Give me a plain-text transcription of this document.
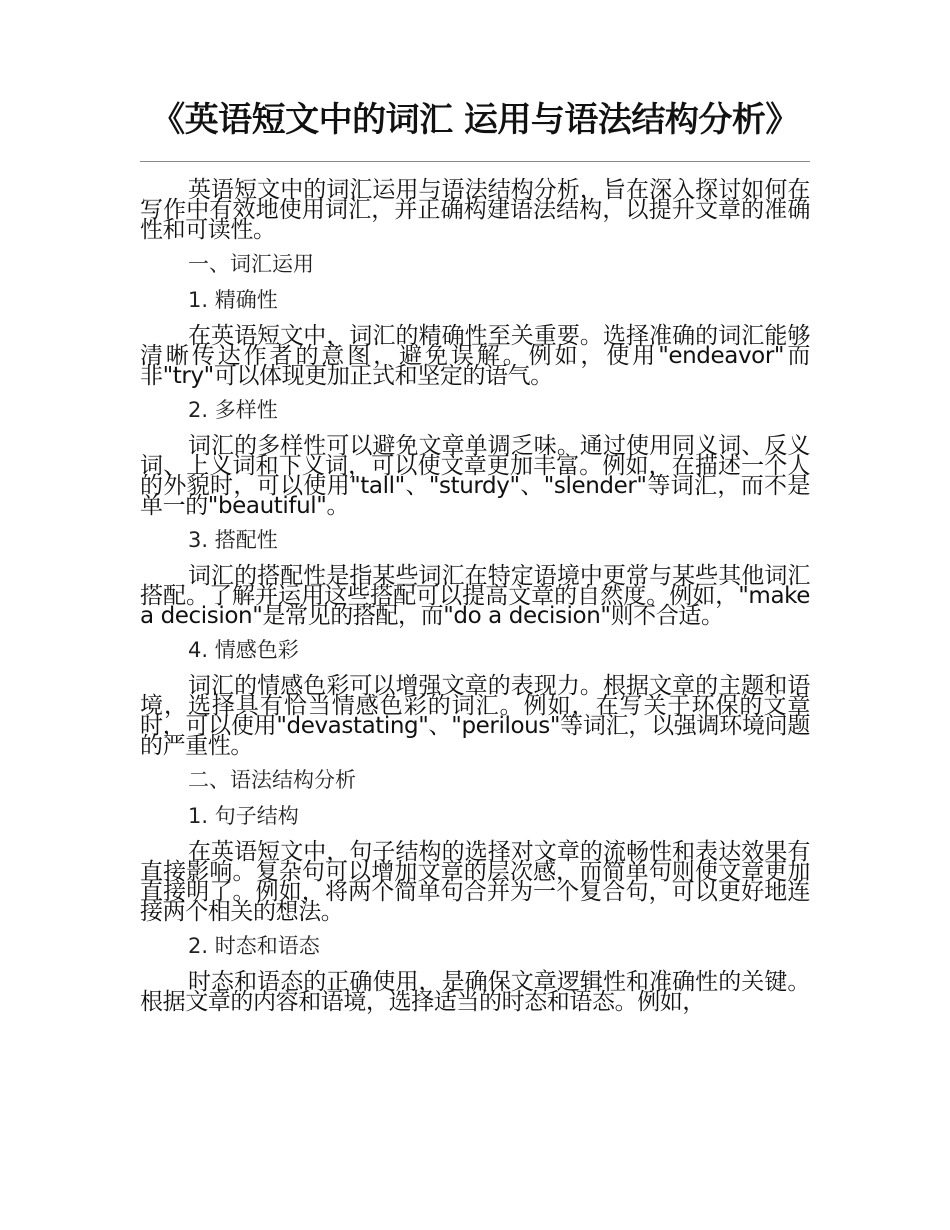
《英语短文中的词汇 运用与语法结构分析》

英语短文中的词汇运用与语法结构分析，旨在深入探讨如何在写作中有效地使用词汇，并正确构建语法结构，以提升文章的准确性和可读性。

一、词汇运用

1. 精确性

在英语短文中，词汇的精确性至关重要。选择准确的词汇能够清晰传达作者的意图，避免误解。例如，使用"endeavor"而非"try"可以体现更加正式和坚定的语气。

2. 多样性

词汇的多样性可以避免文章单调乏味。通过使用同义词、反义词、上义词和下义词，可以使文章更加丰富。例如，在描述一个人的外貌时，可以使用"tall"、"sturdy"、"slender"等词汇，而不是单一的"beautiful"。

3. 搭配性

词汇的搭配性是指某些词汇在特定语境中更常与某些其他词汇搭配。了解并运用这些搭配可以提高文章的自然度。例如，"make a decision"是常见的搭配，而"do a decision"则不合适。

4. 情感色彩

词汇的情感色彩可以增强文章的表现力。根据文章的主题和语境，选择具有恰当情感色彩的词汇。例如，在写关于环保的文章时，可以使用"devastating"、"perilous"等词汇，以强调环境问题的严重性。

二、语法结构分析

1. 句子结构

在英语短文中，句子结构的选择对文章的流畅性和表达效果有直接影响。复杂句可以增加文章的层次感，而简单句则使文章更加直接明了。例如，将两个简单句合并为一个复合句，可以更好地连接两个相关的想法。

2. 时态和语态

时态和语态的正确使用，是确保文章逻辑性和准确性的关键。根据文章的内容和语境，选择适当的时态和语态。例如，
